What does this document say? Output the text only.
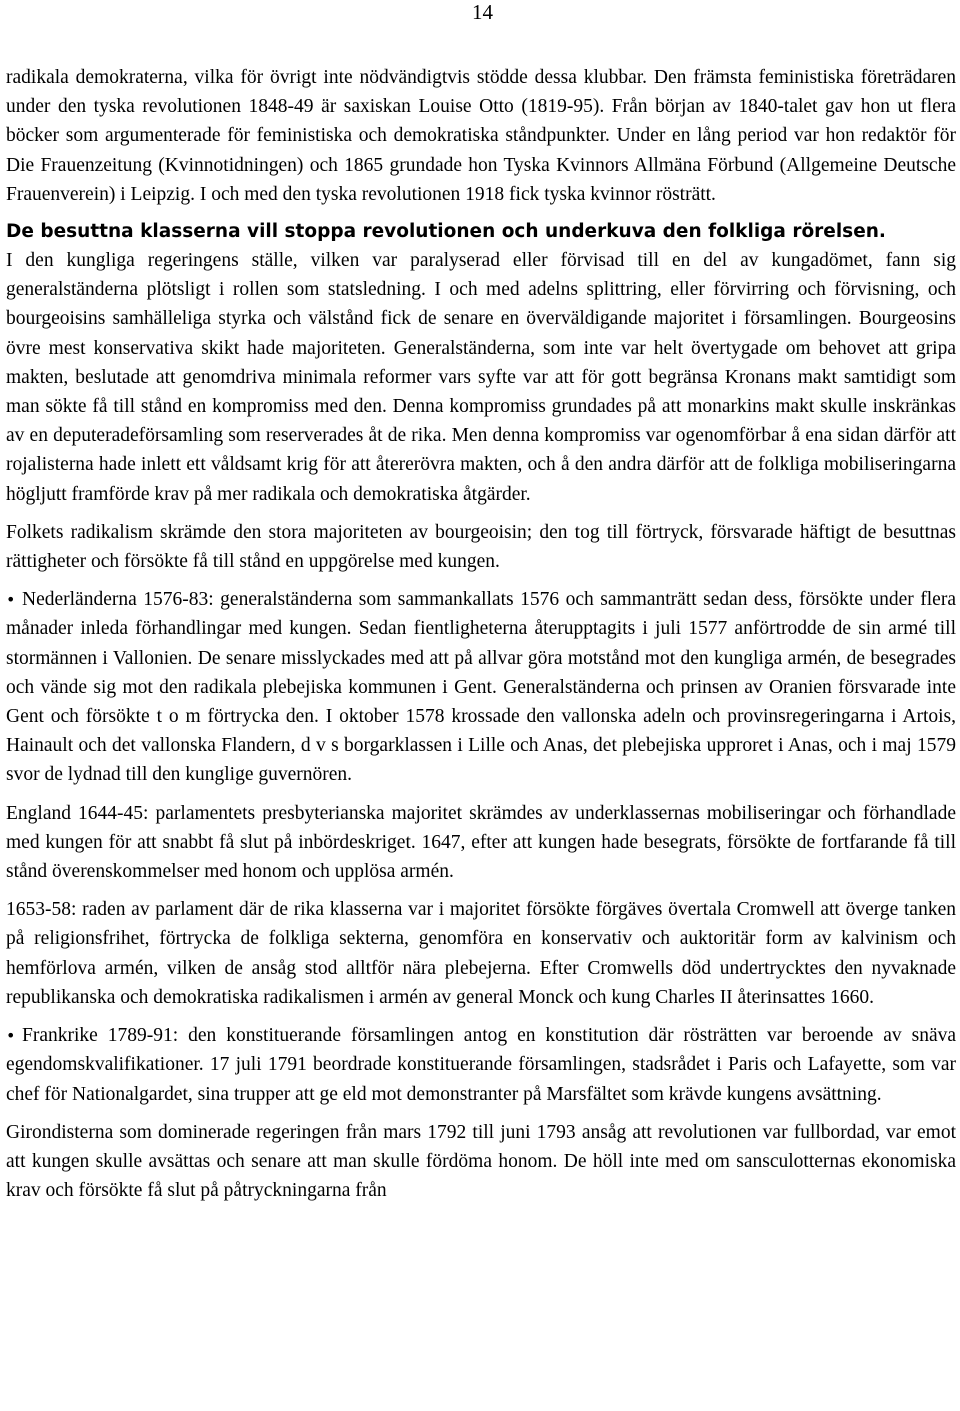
14

radikala demokraterna, vilka för övrigt inte nödvändigtvis stödde dessa klubbar. Den främsta feministiska företrädaren under den tyska revolutionen 1848-49 är saxiskan Louise Otto (1819-95). Från början av 1840-talet gav hon ut flera böcker som argumenterade för feministiska och demokratiska ståndpunkter. Under en lång period var hon redaktör för Die Frauenzeitung (Kvinnotidningen) och 1865 grundade hon Tyska Kvinnors Allmäna Förbund (Allgemeine Deutsche Frauenverein) i Leipzig. I och med den tyska revolutionen 1918 fick tyska kvinnor rösträtt.

De besuttna klasserna vill stoppa revolutionen och underkuva den folkliga rörelsen.

I den kungliga regeringens ställe, vilken var paralyserad eller förvisad till en del av kungadömet, fann sig generalständerna plötsligt i rollen som statsledning. I och med adelns splittring, eller förvirring och förvisning, och bourgeoisins samhälleliga styrka och välstånd fick de senare en överväldigande majoritet i församlingen. Bourgeosins övre mest konservativa skikt hade majoriteten. Generalständerna, som inte var helt övertygade om behovet att gripa makten, beslutade att genomdriva minimala reformer vars syfte var att för gott begränsa Kronans makt samtidigt som man sökte få till stånd en kompromiss med den. Denna kompromiss grundades på att monarkins makt skulle inskränkas av en deputeradeförsamling som reserverades åt de rika. Men denna kompromiss var ogenomförbar å ena sidan därför att rojalisterna hade inlett ett våldsamt krig för att återerövra makten, och å den andra därför att de folkliga mobiliseringarna högljutt framförde krav på mer radikala och demokratiska åtgärder.

Folkets radikalism skrämde den stora majoriteten av bourgeoisin; den tog till förtryck, försvarade häftigt de besuttnas rättigheter och försökte få till stånd en uppgörelse med kungen.

• Nederländerna 1576-83: generalständerna som sammankallats 1576 och sammanträtt sedan dess, försökte under flera månader inleda förhandlingar med kungen. Sedan fientligheterna återupptagits i juli 1577 anförtrodde de sin armé till stormännen i Vallonien. De senare misslyckades med att på allvar göra motstånd mot den kungliga armén, de besegrades och vände sig mot den radikala plebejiska kommunen i Gent. Generalständerna och prinsen av Oranien försvarade inte Gent och försökte t o m förtrycka den. I oktober 1578 krossade den vallonska adeln och provinsregeringarna i Artois, Hainault och det vallonska Flandern, d v s borgarklassen i Lille och Anas, det plebejiska upproret i Anas, och i maj 1579 svor de lydnad till den kunglige guvernören.

England 1644-45: parlamentets presbyterianska majoritet skrämdes av underklassernas mobiliseringar och förhandlade med kungen för att snabbt få slut på inbördeskriget. 1647, efter att kungen hade besegrats, försökte de fortfarande få till stånd överenskommelser med honom och upplösa armén.

1653-58: raden av parlament där de rika klasserna var i majoritet försökte förgäves övertala Cromwell att överge tanken på religionsfrihet, förtrycka de folkliga sekterna, genomföra en konservativ och auktoritär form av kalvinism och hemförlova armén, vilken de ansåg stod alltför nära plebejerna. Efter Cromwells död undertrycktes den nyvaknade republikanska och demokratiska radikalismen i armén av general Monck och kung Charles II återinsattes 1660.

• Frankrike 1789-91: den konstituerande församlingen antog en konstitution där rösträtten var beroende av snäva egendomskvalifikationer. 17 juli 1791 beordrade konstituerande församlingen, stadsrådet i Paris och Lafayette, som var chef för Nationalgardet, sina trupper att ge eld mot demonstranter på Marsfältet som krävde kungens avsättning.

Girondisterna som dominerade regeringen från mars 1792 till juni 1793 ansåg att revolutionen var fullbordad, var emot att kungen skulle avsättas och senare att man skulle fördöma honom. De höll inte med om sansculotternas ekonomiska krav och försökte få slut på påtryckningarna från
